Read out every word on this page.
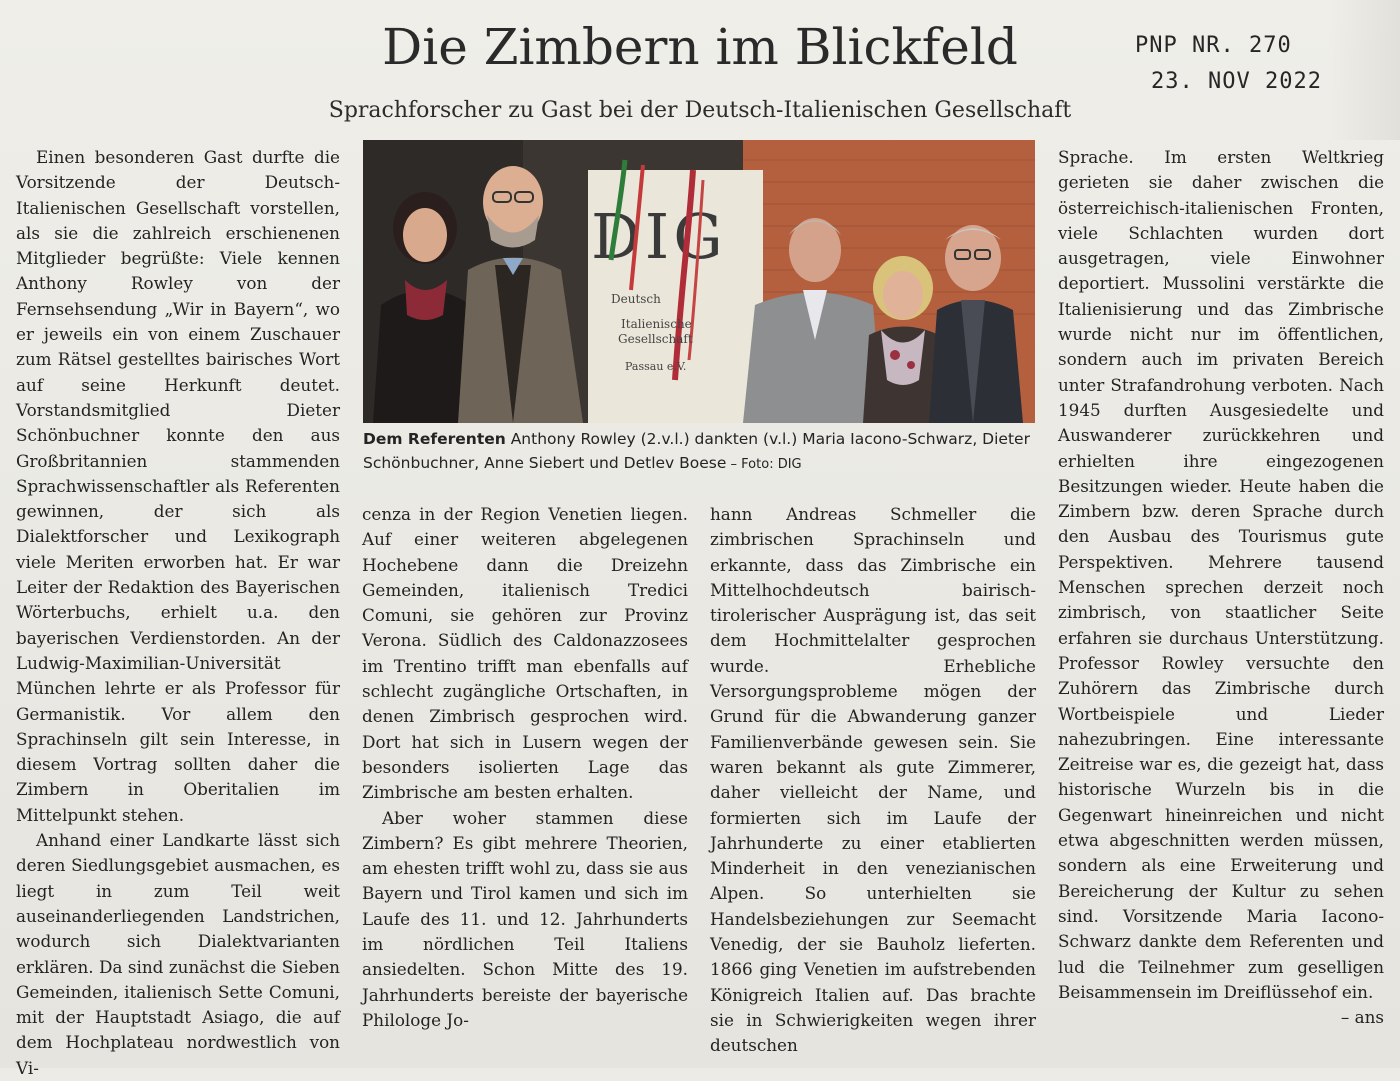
Die Zimbern im Blickfeld
Sprachforscher zu Gast bei der Deutsch-Italienischen Gesellschaft
PNP NR. 270
23. NOV 2022

Einen besonderen Gast durfte die Vorsitzende der Deutsch-Italienischen Gesellschaft vorstellen, als sie die zahlreich erschienenen Mitglieder begrüßte: Viele kennen Anthony Rowley von der Fernsehsendung „Wir in Bayern“, wo er jeweils ein von einem Zuschauer zum Rätsel gestelltes bairisches Wort auf seine Herkunft deutet. Vorstandsmitglied Dieter Schönbuchner konnte den aus Großbritannien stammenden Sprachwissenschaftler als Referenten gewinnen, der sich als Dialektforscher und Lexikograph viele Meriten erworben hat. Er war Leiter der Redaktion des Bayerischen Wörterbuchs, erhielt u.a. den bayerischen Verdienstorden. An der Ludwig-Maximilian-Universität München lehrte er als Professor für Germanistik. Vor allem den Sprachinseln gilt sein Interesse, in diesem Vortrag sollten daher die Zimbern in Oberitalien im Mittelpunkt stehen.

Anhand einer Landkarte lässt sich deren Siedlungsgebiet ausmachen, es liegt in zum Teil weit auseinanderliegenden Landstrichen, wodurch sich Dialektvarianten erklären. Da sind zunächst die Sieben Gemeinden, italienisch Sette Comuni, mit der Hauptstadt Asiago, die auf dem Hochplateau nordwestlich von Vi-

DIG
Deutsch
Italienische
Gesellschaft
Passau e.V.
Dem Referenten Anthony Rowley (2.v.l.) dankten (v.l.) Maria Iacono-Schwarz, Dieter Schönbuchner, Anne Siebert und Detlev Boese – Foto: DIG

cenza in der Region Venetien liegen. Auf einer weiteren abgelegenen Hochebene dann die Dreizehn Gemeinden, italienisch Tredici Comuni, sie gehören zur Provinz Verona. Südlich des Caldonazzosees im Trentino trifft man ebenfalls auf schlecht zugängliche Ortschaften, in denen Zimbrisch gesprochen wird. Dort hat sich in Lusern wegen der besonders isolierten Lage das Zimbrische am besten erhalten.

Aber woher stammen diese Zimbern? Es gibt mehrere Theorien, am ehesten trifft wohl zu, dass sie aus Bayern und Tirol kamen und sich im Laufe des 11. und 12. Jahrhunderts im nördlichen Teil Italiens ansiedelten. Schon Mitte des 19. Jahrhunderts bereiste der bayerische Philologe Jo-

hann Andreas Schmeller die zimbrischen Sprachinseln und erkannte, dass das Zimbrische ein Mittelhochdeutsch bairisch-tirolerischer Ausprägung ist, das seit dem Hochmittelalter gesprochen wurde. Erhebliche Versorgungsprobleme mögen der Grund für die Abwanderung ganzer Familienverbände gewesen sein. Sie waren bekannt als gute Zimmerer, daher vielleicht der Name, und formierten sich im Laufe der Jahrhunderte zu einer etablierten Minderheit in den venezianischen Alpen. So unterhielten sie Handelsbeziehungen zur Seemacht Venedig, der sie Bauholz lieferten. 1866 ging Venetien im aufstrebenden Königreich Italien auf. Das brachte sie in Schwierigkeiten wegen ihrer deutschen

Sprache. Im ersten Weltkrieg gerieten sie daher zwischen die österreichisch-italienischen Fronten, viele Schlachten wurden dort ausgetragen, viele Einwohner deportiert. Mussolini verstärkte die Italienisierung und das Zimbrische wurde nicht nur im öffentlichen, sondern auch im privaten Bereich unter Strafandrohung verboten. Nach 1945 durften Ausgesiedelte und Auswanderer zurückkehren und erhielten ihre eingezogenen Besitzungen wieder. Heute haben die Zimbern bzw. deren Sprache durch den Ausbau des Tourismus gute Perspektiven. Mehrere tausend Menschen sprechen derzeit noch zimbrisch, von staatlicher Seite erfahren sie durchaus Unterstützung. Professor Rowley versuchte den Zuhörern das Zimbrische durch Wortbeispiele und Lieder nahezubringen. Eine interessante Zeitreise war es, die gezeigt hat, dass historische Wurzeln bis in die Gegenwart hineinreichen und nicht etwa abgeschnitten werden müssen, sondern als eine Erweiterung und Bereicherung der Kultur zu sehen sind. Vorsitzende Maria Iacono-Schwarz dankte dem Referenten und lud die Teilnehmer zum geselligen Beisammensein im Dreiflüssehof ein.

– ans
